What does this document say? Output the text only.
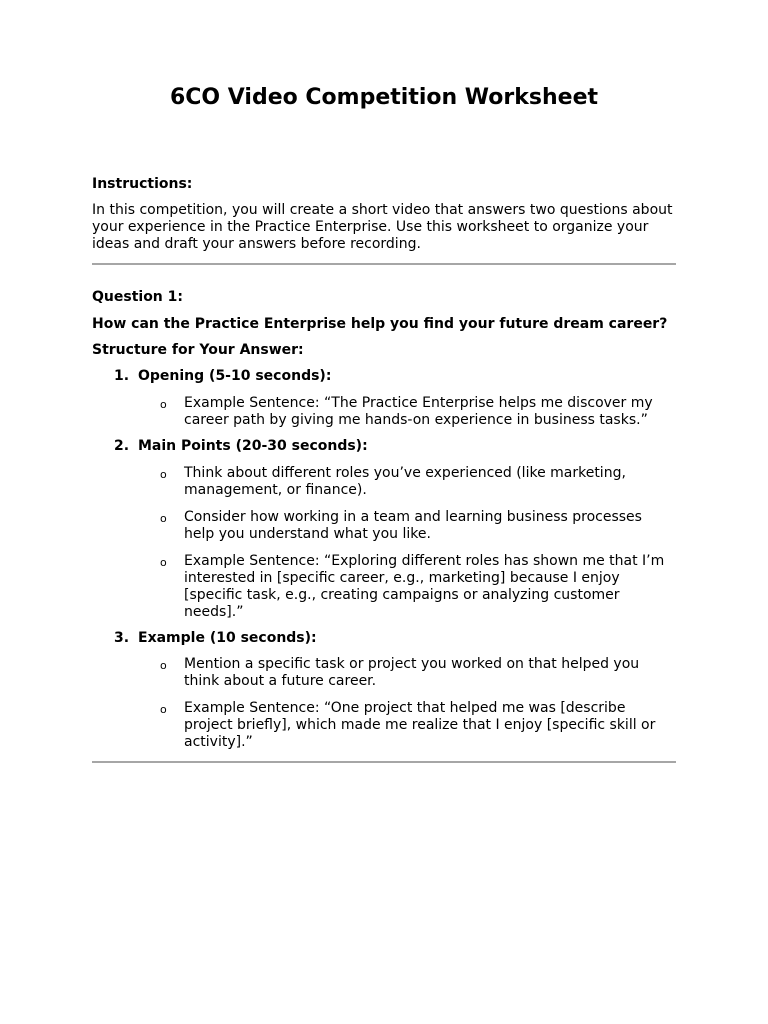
6CO Video Competition Worksheet

Instructions:

In this competition, you will create a short video that answers two questions about your experience in the Practice Enterprise. Use this worksheet to organize your ideas and draft your answers before recording.

Question 1:

How can the Practice Enterprise help you find your future dream career?

Structure for Your Answer:

1. Opening (5-10 seconds):
o Example Sentence: “The Practice Enterprise helps me discover my career path by giving me hands-on experience in business tasks.”

2. Main Points (20-30 seconds):
o Think about different roles you’ve experienced (like marketing, management, or finance).

o Consider how working in a team and learning business processes help you understand what you like.

o Example Sentence: “Exploring different roles has shown me that I’m interested in [specific career, e.g., marketing] because I enjoy [specific task, e.g., creating campaigns or analyzing customer needs].”

3. Example (10 seconds):
o Mention a specific task or project you worked on that helped you think about a future career.

o Example Sentence: “One project that helped me was [describe project briefly], which made me realize that I enjoy [specific skill or activity].”
